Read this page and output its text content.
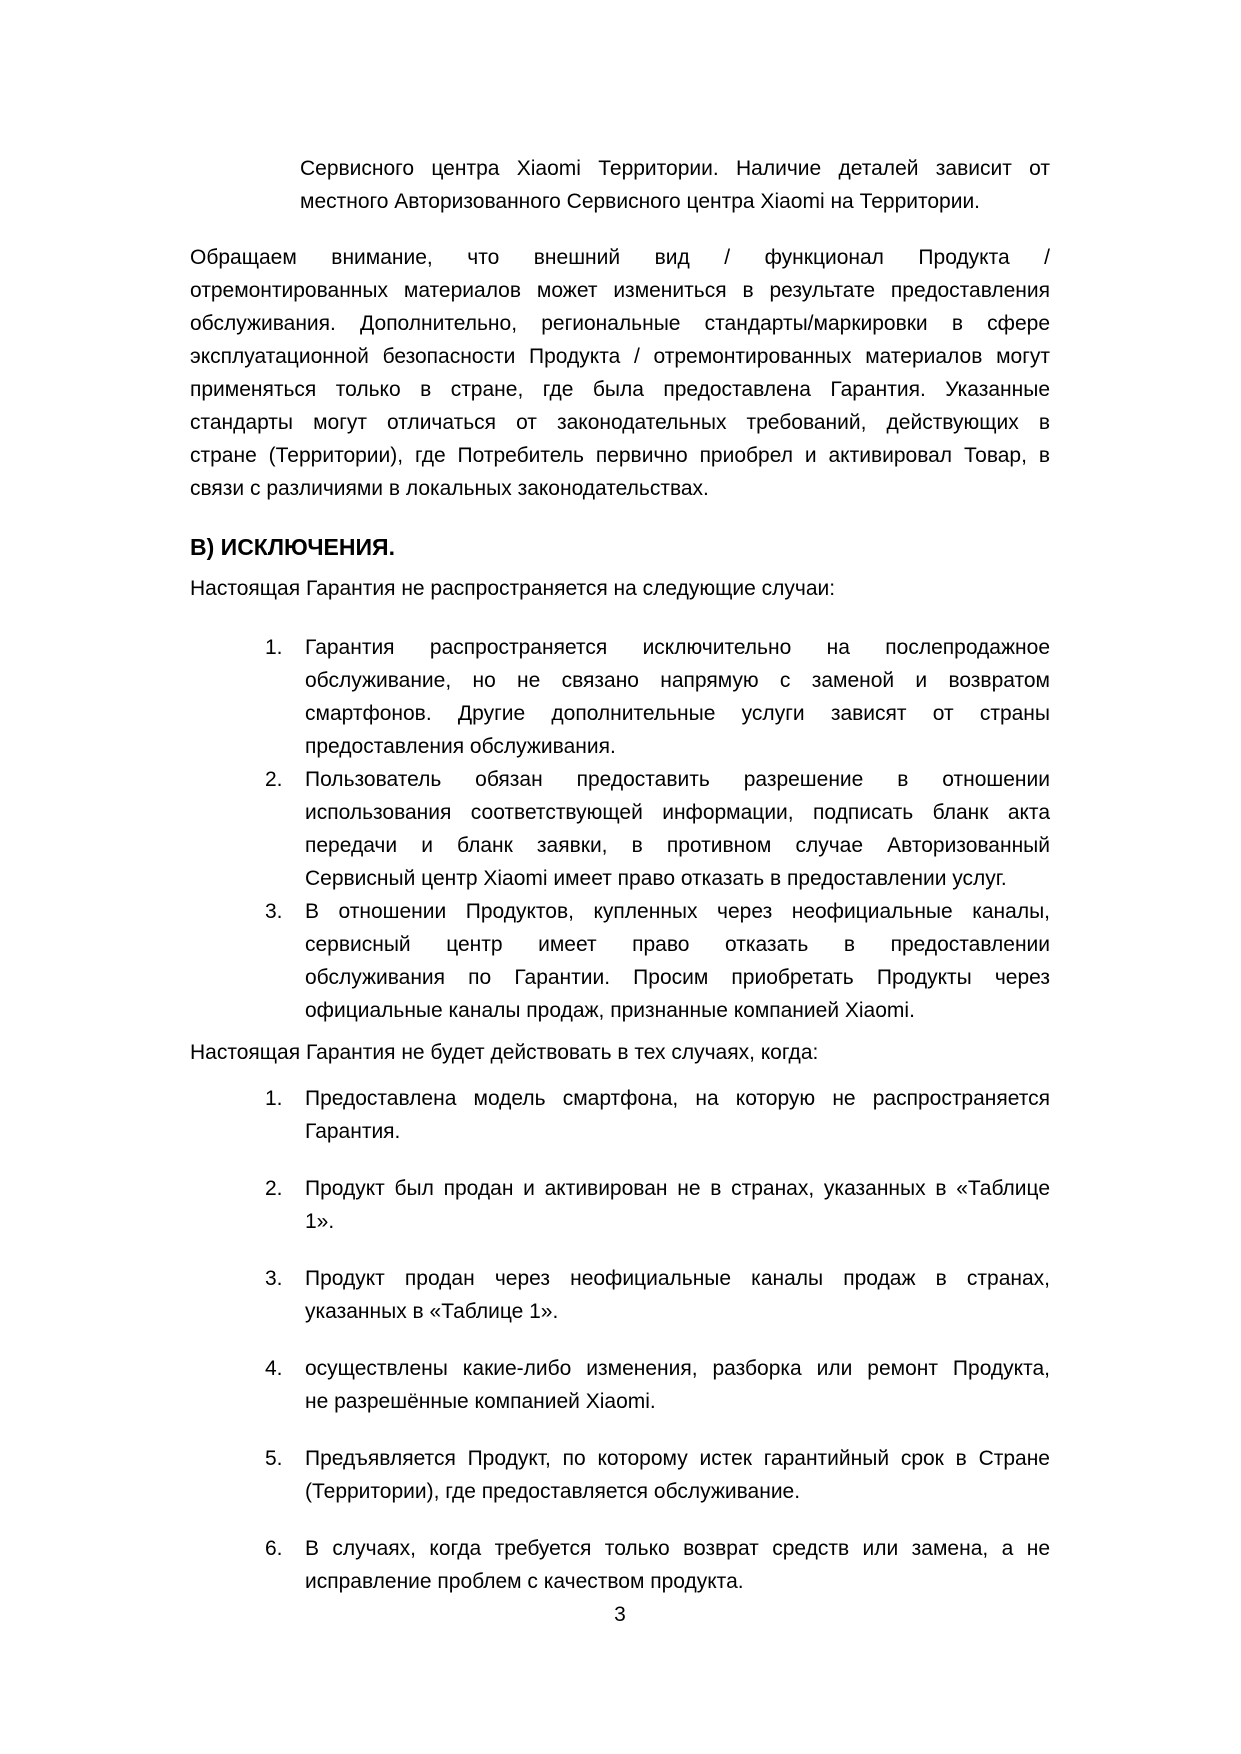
Сервисного центра Xiaomi Территории. Наличие деталей зависит от
местного Авторизованного Сервисного центра Xiaomi на Территории.
Обращаем внимание, что внешний вид / функционал Продукта /
отремонтированных материалов может измениться в результате предоставления
обслуживания. Дополнительно, региональные стандарты/маркировки в сфере
эксплуатационной безопасности Продукта / отремонтированных материалов могут
применяться только в стране, где была предоставлена Гарантия. Указанные
стандарты могут отличаться от законодательных требований, действующих в
стране (Территории), где Потребитель первично приобрел и активировал Товар, в
связи с различиями в локальных законодательствах.
В) ИСКЛЮЧЕНИЯ.
Настоящая Гарантия не распространяется на следующие случаи:
1.	Гарантия распространяется исключительно на послепродажное
обслуживание, но не связано напрямую с заменой и возвратом
смартфонов. Другие дополнительные услуги зависят от страны
предоставления обслуживания.
2.	Пользователь обязан предоставить разрешение в отношении
использования соответствующей информации, подписать бланк акта
передачи и бланк заявки, в противном случае Авторизованный
Сервисный центр Xiaomi имеет право отказать в предоставлении услуг.
3.	В отношении Продуктов, купленных через неофициальные каналы,
сервисный центр имеет право отказать в предоставлении
обслуживания по Гарантии. Просим приобретать Продукты через
официальные каналы продаж, признанные компанией Xiaomi.
Настоящая Гарантия не будет действовать в тех случаях, когда:
1.	Предоставлена модель смартфона, на которую не распространяется
Гарантия.
2.	Продукт был продан и активирован не в странах, указанных в «Таблице
1».
3.	Продукт продан через неофициальные каналы продаж в странах,
указанных в «Таблице 1».
4.	осуществлены какие-либо изменения, разборка или ремонт Продукта,
не разрешённые компанией Xiaomi.
5.	Предъявляется Продукт, по которому истек гарантийный срок в Стране
(Территории), где предоставляется обслуживание.
6.	В случаях, когда требуется только возврат средств или замена, а не
исправление проблем с качеством продукта.
3
